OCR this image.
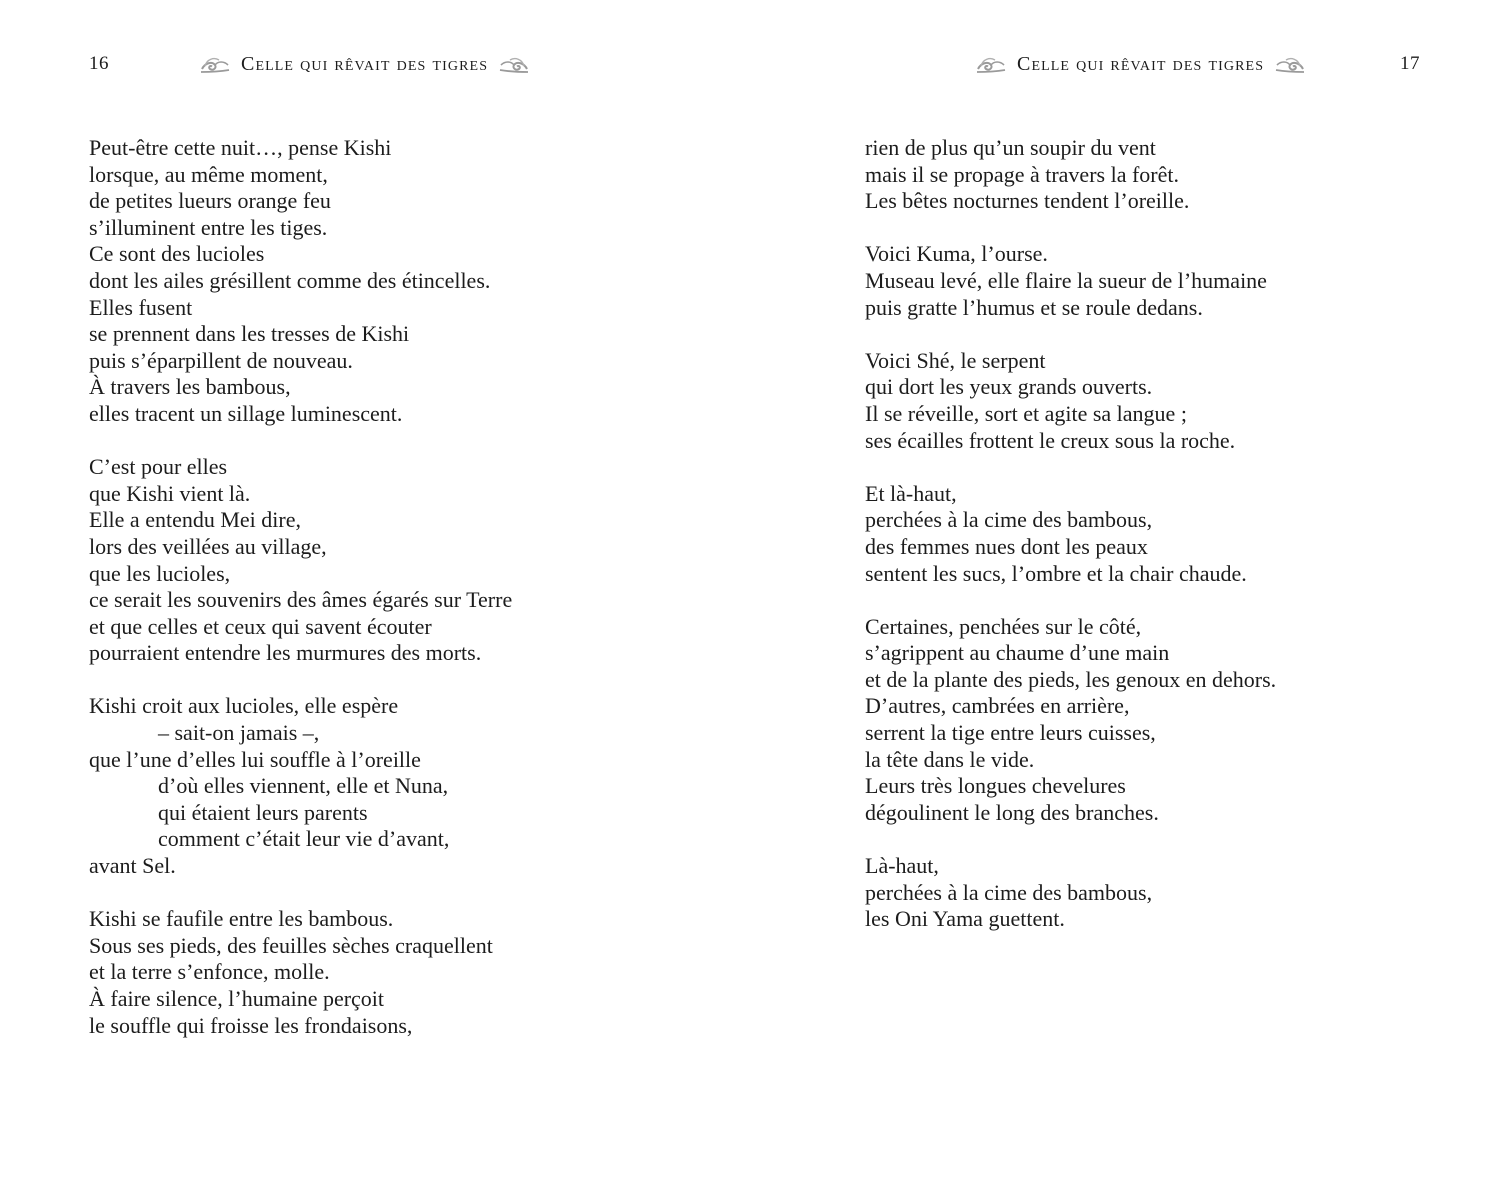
16	Celle qui rêvait des tigres
Peut-être cette nuit…, pense Kishi
lorsque, au même moment,
de petites lueurs orange feu
s’illuminent entre les tiges.
Ce sont des lucioles
dont les ailes grésillent comme des étincelles.
Elles fusent
se prennent dans les tresses de Kishi
puis s’éparpillent de nouveau.
À travers les bambous,
elles tracent un sillage luminescent.
C’est pour elles
que Kishi vient là.
Elle a entendu Mei dire,
lors des veillées au village,
que les lucioles,
ce serait les souvenirs des âmes égarés sur Terre
et que celles et ceux qui savent écouter
pourraient entendre les murmures des morts.
Kishi croit aux lucioles, elle espère
– sait-on jamais –,
que l’une d’elles lui souffle à l’oreille
d’où elles viennent, elle et Nuna,
qui étaient leurs parents
comment c’était leur vie d’avant,
avant Sel.
Kishi se faufile entre les bambous.
Sous ses pieds, des feuilles sèches craquellent
et la terre s’enfonce, molle.
À faire silence, l’humaine perçoit
le souffle qui froisse les frondaisons,
Celle qui rêvait des tigres	17
rien de plus qu’un soupir du vent
mais il se propage à travers la forêt.
Les bêtes nocturnes tendent l’oreille.
Voici Kuma, l’ourse.
Museau levé, elle flaire la sueur de l’humaine
puis gratte l’humus et se roule dedans.
Voici Shé, le serpent
qui dort les yeux grands ouverts.
Il se réveille, sort et agite sa langue ;
ses écailles frottent le creux sous la roche.
Et là-haut,
perchées à la cime des bambous,
des femmes nues dont les peaux
sentent les sucs, l’ombre et la chair chaude.
Certaines, penchées sur le côté,
s’agrippent au chaume d’une main
et de la plante des pieds, les genoux en dehors.
D’autres, cambrées en arrière,
serrent la tige entre leurs cuisses,
la tête dans le vide.
Leurs très longues chevelures
dégoulinent le long des branches.
Là-haut,
perchées à la cime des bambous,
les Oni Yama guettent.
